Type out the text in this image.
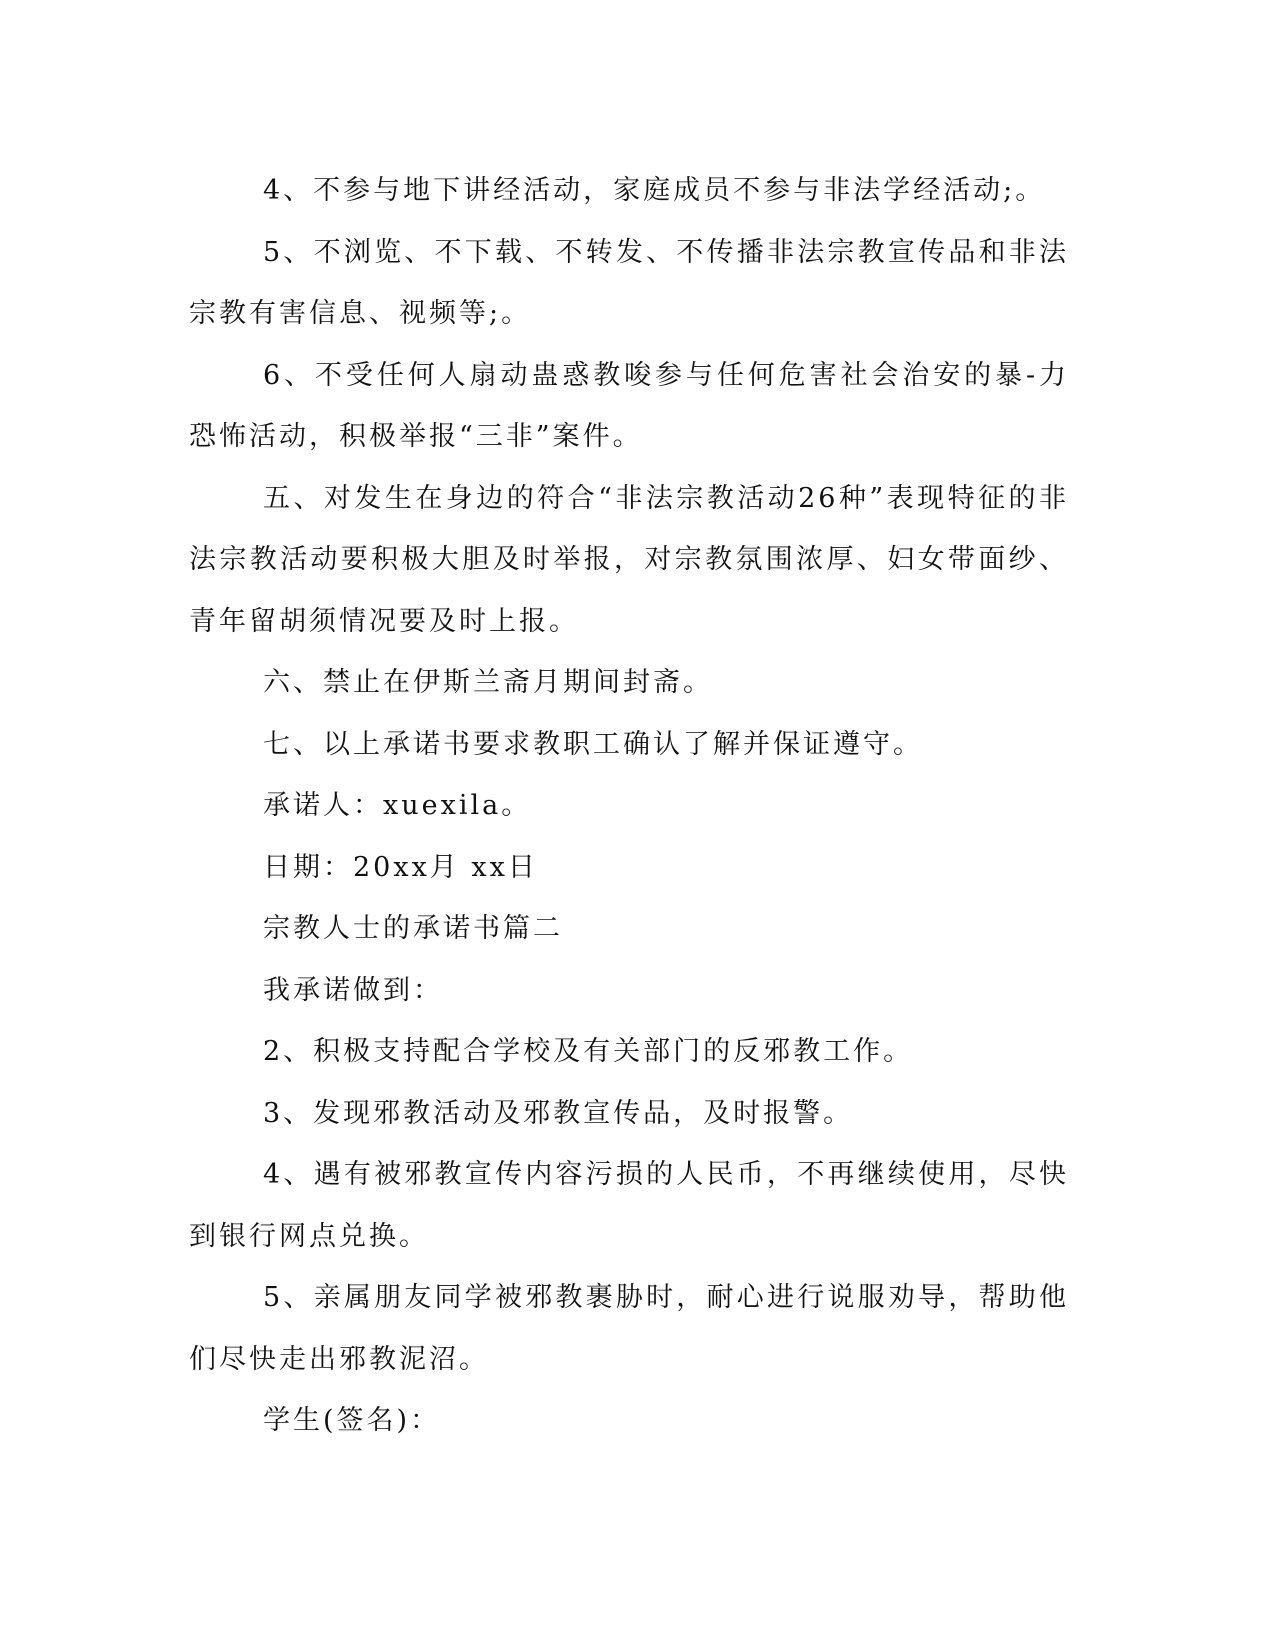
4、不参与地下讲经活动，家庭成员不参与非法学经活动;。

5、不浏览、不下载、不转发、不传播非法宗教宣传品和非法宗教有害信息、视频等;。

6、不受任何人扇动蛊惑教唆参与任何危害社会治安的暴-力恐怖活动，积极举报“三非”案件。

五、对发生在身边的符合“非法宗教活动26种”表现特征的非法宗教活动要积极大胆及时举报，对宗教氛围浓厚、妇女带面纱、青年留胡须情况要及时上报。

六、禁止在伊斯兰斋月期间封斋。

七、以上承诺书要求教职工确认了解并保证遵守。

承诺人：xuexila。

日期：20xx月 xx日

宗教人士的承诺书篇二

我承诺做到：

2、积极支持配合学校及有关部门的反邪教工作。

3、发现邪教活动及邪教宣传品，及时报警。

4、遇有被邪教宣传内容污损的人民币，不再继续使用，尽快到银行网点兑换。

5、亲属朋友同学被邪教裹胁时，耐心进行说服劝导，帮助他们尽快走出邪教泥沼。

学生(签名)：
